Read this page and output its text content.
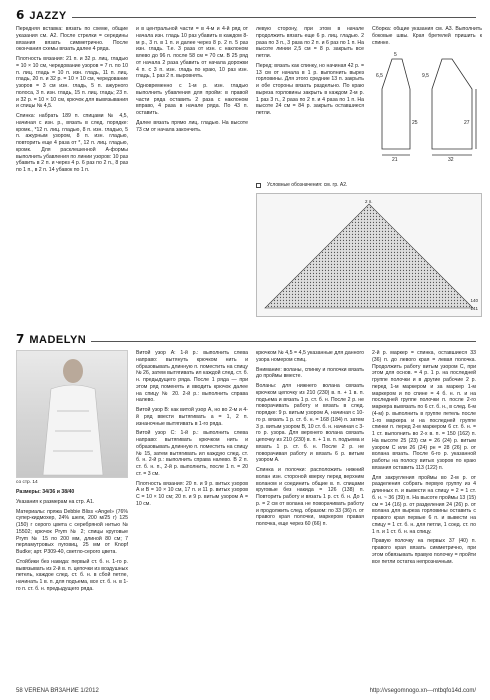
6 JAZZY
Передняя вставка: вязать по схеме, общие указания см. А2. После стрелки = середины вязания вязать симметрично. После окончания схемы вязать далее 4 ряда.
Плотность вязания: 21 п. и 32 р. лиц. гладью = 10 × 10 см, чередование узоров = 7 п. по 10 п. лиц. гладь = 10 п. изн. гладь, 11 п. лиц. гладь, 20 п. и 32 р. = 10 × 10 см, чередование узоров = 3 см изн. гладь, 5 п. ажурного полоса, 3 п. изн. гладь, 15 п. лиц. гладь; 23 п. и 32 р. = 10 × 10 см, крючок для вывязывания и спицы № 4,5.
Спинка: набрать 189 п. спицами № 4,5, начиная с изн. р., вязать в след. порядке: кромк., *12 п. лиц. гладью, 8 п. изн. гладью, 5 п. ажурным узором, 8 п. изн. гладью, повторить еще 4 раза от *, 12 п. лиц. гладью, кромк. Для расклешенной А-формы выполнить убавления по линии узоров: 10 раз убавить в 2 п. и через 4 р. 6 раз по 2 п., 8 раз по 1 п., в 2 п. 14 убавок по 1 п.
и в центральной части = в 4-м и 4-й ряд от начала изн. гладь 10 раз убавить в каждом 8-м р., 3 п. в 1 п. и далее через 8 р. 2 п. 5 раз изн. гладь. Т.е. 3 раза от изн. с наклоном влево до 96 п. после 58 см = 70 см. В 25 ряд от начала 2 раза убавить от начала дорожки 4 п. с 3 п. изн. гладь по краю, 10 раз изн. гладь, 1 раз 2 п. выровнять.
Одновременно с 1-м р. изн. гладью выполнить убавления для пройм: в правой части ряда оставить 2 раза с наклоном вправо, 4 раза в начале ряда. По 43 п. оставить.
Далее вязать прямо лиц. гладью. На высоте 73 см от начала закончить.
левую сторону, при этом в начале продолжить вязать еще 6 р. лиц. гладью. 2 раза по 3 п., 3 раза по 2 п. и 6 раз по 1 п. На высоте линии 2,5 см = 8 р. закрыть все петли.
Перед: вязать как спинку, но начиная 42 р. = 13 см от начала в 1 р. выполнить вырез горловины. Для этого средние 13 п. закрыть и обе стороны вязать раздельно. По краю выреза горловины закрыть в каждом 2-м р. 1 раз 3 п., 2 раза по 2 п. и 4 раза по 1 п. На высоте 24 см = 84 р. закрыть оставшиеся петли.
Сборка: общие указания см. А3. Выполнить боковые швы. Края бретелей пришить к спинке.
6,5
5
21
9,5
32
27
25
Условные обозначения: см. гр. А2.
2 п.
140
141
7 MADELYN
со стр. 14
Размеры: 34/36 и 38/40
Указания к размерам на стр. А1.
Материалы: пряжа Debbie Bliss «Angel» (76% супер-кидмохер, 24% шелк, 200 м/25 г) 125 (150) г серого цвета с серебряной нитью № 15502; крючок Prym № 2; спицы круговые Prym № 15 по 200 мм, длиной 80 см; 7 перламутровых пуговиц, 25 мм от Knopf Budke; арт. P309-40, светло-серого цвета.
Стойбики без накида: первый ст. б. н. 1-го р. вывязывать из 2-й в. п. цепочки из воздушных петель, каждое след. ст. б. н. в сбой петле, начинать 1 в. п. для подъема, все ст. б. н. в 1-го п. ст. б. н. предыдущего ряда.
Витой узор А: 1-й р.: выполнить слева направо: вытянуть крючком нить и образовывать длинную п. поместить на спицу № 26, затем вытягивать ил каждой след. ст. б. н. предыдущего ряда. После 1 ряда — при этом ряд поменять и вводить крючок далее на спицу № 20. 2-й р.: выполнить справа налево.
Витой узор В: как витой узор А, но во 2-м и 4-й ряд ввести вытягивать а = 1, 2 п. изнаночные вытягивать в 1-го ряда.
Витой узор С: 1-й р.: выполнить слева направо: вытягивать крючком нить и образовывать длинную п. поместить на спицу № 15, затем вытягивать ил каждую след. ст. б. н. 2-й р.: выполнить справа налево. В 2 п. ст. б. н. п., 2-й р. выполнить, после 1 п. = 20 ст. = 3 см.
Плотность вязания: 20 п. и 9 р. витых узоров А и В = 10 × 10 см, 17 п. и 11 р. витых узоров С = 10 × 10 см; 20 п. и 9 р. витым узором А = 10 см.
крючком № 4,5 = 4,5 указанные для данного узора номером спиц.
Внимание: воланы, спинку и полочки вязать до проймы вместе.
Воланы: для нижнего волана связать крючком цепочку из 210 (230) в. п. + 1 в. п. подъема и вязать 1 р. ст. б. н. После 2 р. не поворачивать работу и вязать в след. порядке: 9 р. витым узором А, начиная с 10-го р. вязать 1 р. ст. б. н. = 168 (184) п. затем 3 р. витым узором В, 10 ст. б. н. начиная с 3-го р. узора. Для верхнего волана связать цепочку из 210 (230) в. п. + 1 в. п. подъема и вязать 1 р. ст. б. н. После 2 р. не поворачивая работу и вязать 6 р. витым узором А.
Спинка и полочки: расположить нижний волан изн. стороной кверху перед верхним воланом и соединить общие в. п. спицами круговые без накида = 126 (138) п. Повторить работу и вязать 1 р. ст. б. н. До 1 р. = 2 см от волана не поворачивать работу и продолжить след. образом: по 33 (36) п. от правого края полочки, маркером правая полочка, еще через 60 (66) п.
2-й р. маркер = спинка, оставшиеся 33 (36) п. до левого края = левая полочка. Продолжить работу витым узором С, при этом для основ. = 4 р. 1 р. на последней группе полочки и в другие рабочие 2 р. перед 1-м маркером и за маркер 1-м маркером и по спине = 4 б. н. п. и на последней группе полочки п. после 2-го маркера вывязать по 6 ст. б. н., в след. 6-м (4-м) р. выполнить в группе петель после 1-го маркера и на последней группе спинки п. перед 2-м маркером 6 ст. б. н. = 1 ст. выполнить во 2-х в. п. = 150 (162) п. На высоте 25 (23) см = 26 (24) р. витым узором С или 26 (24) рн = 28 (26) р. от волана вязать. После 6-го р. указанной работы на полосу витых узоров по краю вязания оставить 113 (122) п.
Для закругления проймы во 2-м р. от разделения собрать первую группу из 4 длинных п. и вывести на спицу = 2 = 1 ст. б. н. ~ 36 (39) п. На высоте проймы 13 (15) см = 14 (16) р. от разделения 24 (26) р. от волана для выреза горловины оставить с правого края первые 6 п. и вывести на спицу = 1 ст. б. н. для петли, 1 соед. ст. по 1 п. и 1 ст. б. н. на спицу.
Правую полочку на первых 37 (40) п. правого края вязать симметрично, при этом обвязывать правую полочку = пройти все петли остатка непрозначным.
58 VERENA ВЯЗАНИЕ 1/2012	http://vsegomnogo.xn---mtbqfo14d.com/
